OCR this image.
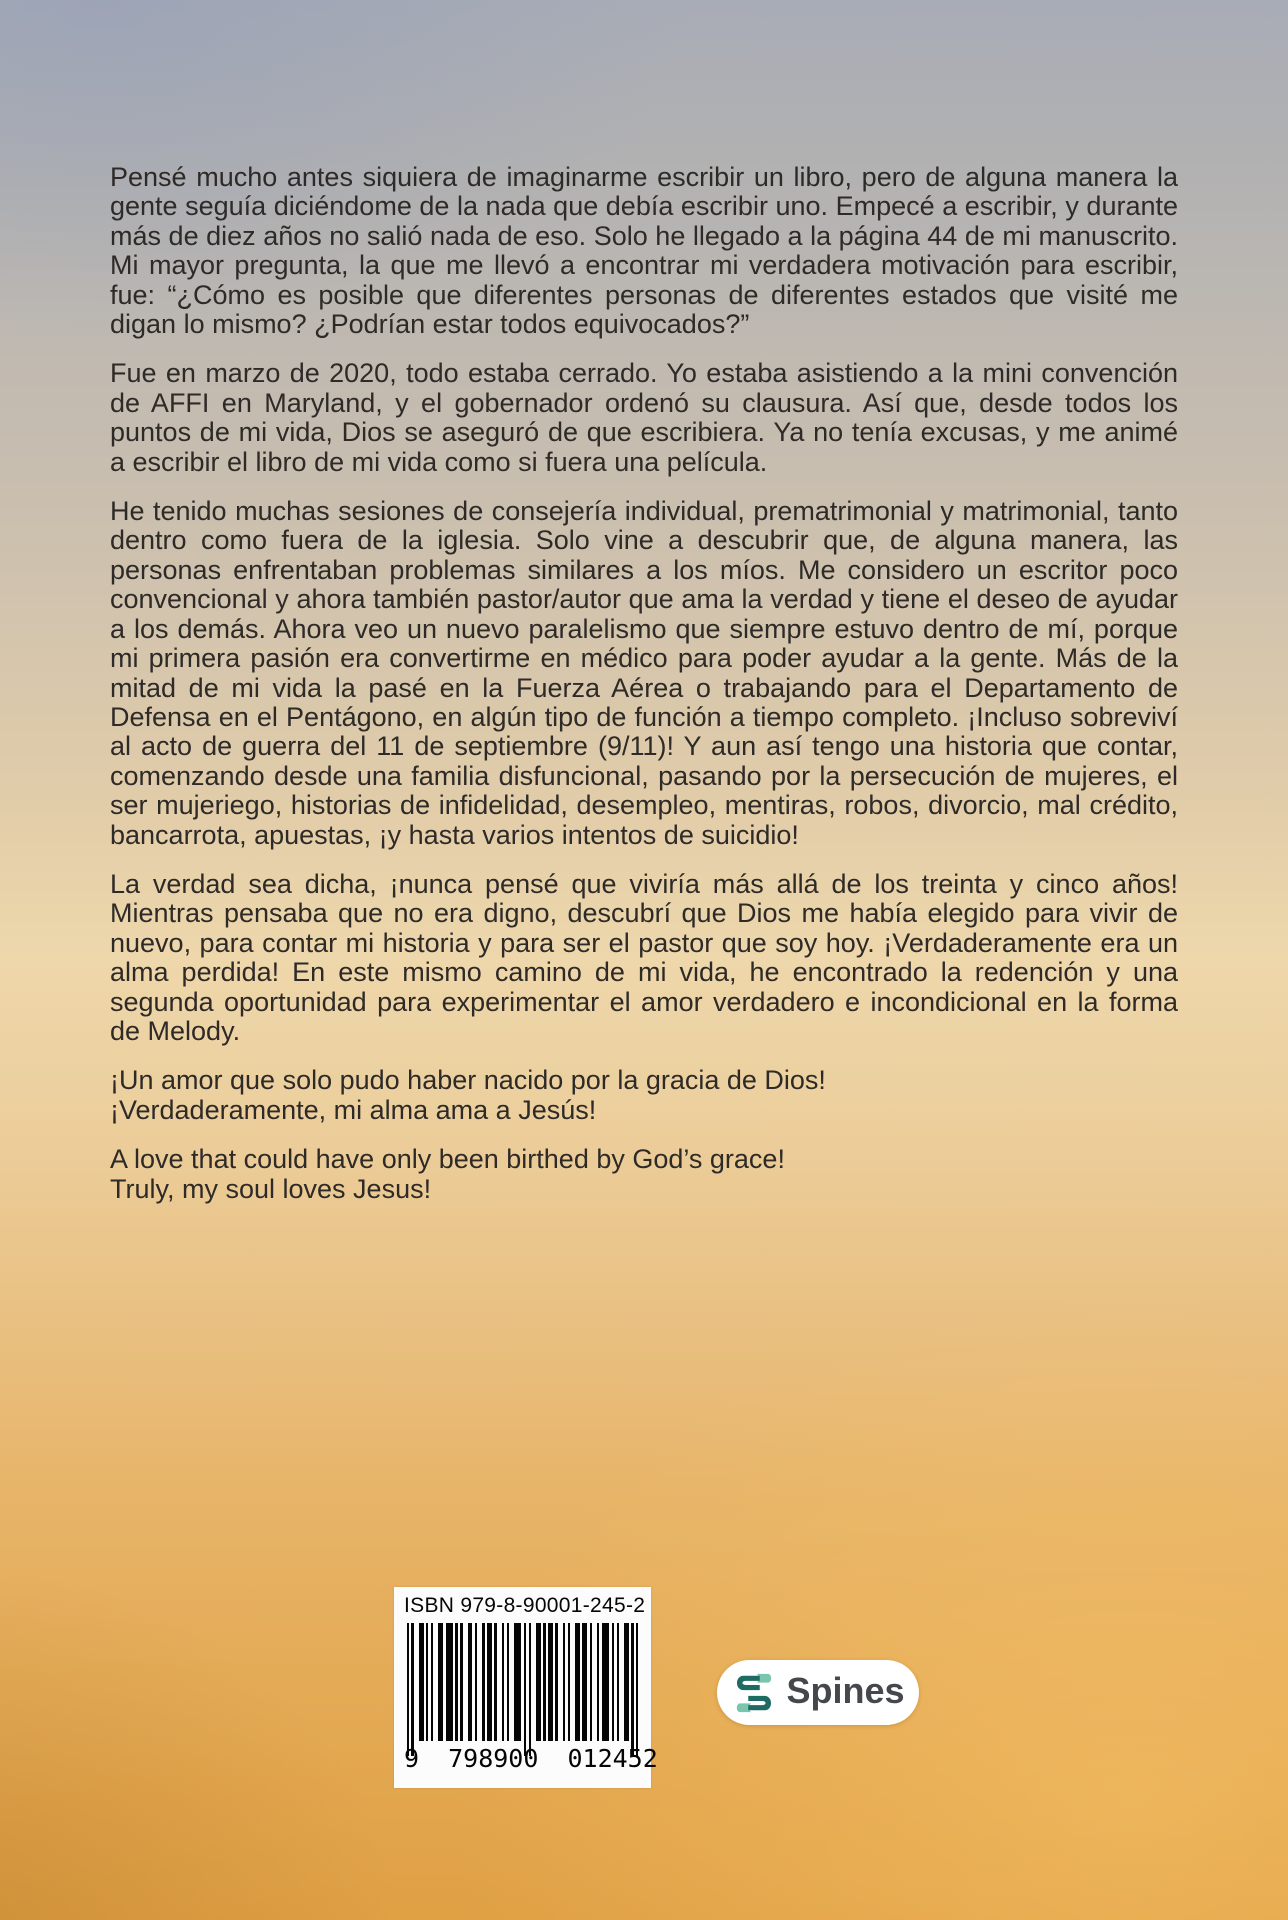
Pensé mucho antes siquiera de imaginarme escribir un libro, pero de alguna manera la gente seguía diciéndome de la nada que debía escribir uno. Empecé a escribir, y durante más de diez años no salió nada de eso. Solo he llegado a la página 44 de mi manuscrito. Mi mayor pregunta, la que me llevó a encontrar mi verdadera motivación para escribir, fue: “¿Cómo es posible que diferentes personas de diferentes estados que visité me digan lo mismo? ¿Podrían estar todos equivocados?”

Fue en marzo de 2020, todo estaba cerrado. Yo estaba asistiendo a la mini convención de AFFI en Maryland, y el gobernador ordenó su clausura. Así que, desde todos los puntos de mi vida, Dios se aseguró de que escribiera. Ya no tenía excusas, y me animé a escribir el libro de mi vida como si fuera una película.

He tenido muchas sesiones de consejería individual, prematrimonial y matrimonial, tanto dentro como fuera de la iglesia. Solo vine a descubrir que, de alguna manera, las personas enfrentaban problemas similares a los míos. Me considero un escritor poco convencional y ahora también pastor/autor que ama la verdad y tiene el deseo de ayudar a los demás. Ahora veo un nuevo paralelismo que siempre estuvo dentro de mí, porque mi primera pasión era convertirme en médico para poder ayudar a la gente. Más de la mitad de mi vida la pasé en la Fuerza Aérea o trabajando para el Departamento de Defensa en el Pentágono, en algún tipo de función a tiempo completo. ¡Incluso sobreviví al acto de guerra del 11 de septiembre (9/11)! Y aun así tengo una historia que contar, comenzando desde una familia disfuncional, pasando por la persecución de mujeres, el ser mujeriego, historias de infidelidad, desempleo, mentiras, robos, divorcio, mal crédito, bancarrota, apuestas, ¡y hasta varios intentos de suicidio!

La verdad sea dicha, ¡nunca pensé que viviría más allá de los treinta y cinco años! Mientras pensaba que no era digno, descubrí que Dios me había elegido para vivir de nuevo, para contar mi historia y para ser el pastor que soy hoy. ¡Verdaderamente era un alma perdida! En este mismo camino de mi vida, he encontrado la redención y una segunda oportunidad para experimentar el amor verdadero e incondicional en la forma de Melody.

¡Un amor que solo pudo haber nacido por la gracia de Dios!
¡Verdaderamente, mi alma ama a Jesús!

A love that could have only been birthed by God’s grace!
Truly, my soul loves Jesus!

ISBN 979-8-90001-245-2
9 798900 012452
Spines
